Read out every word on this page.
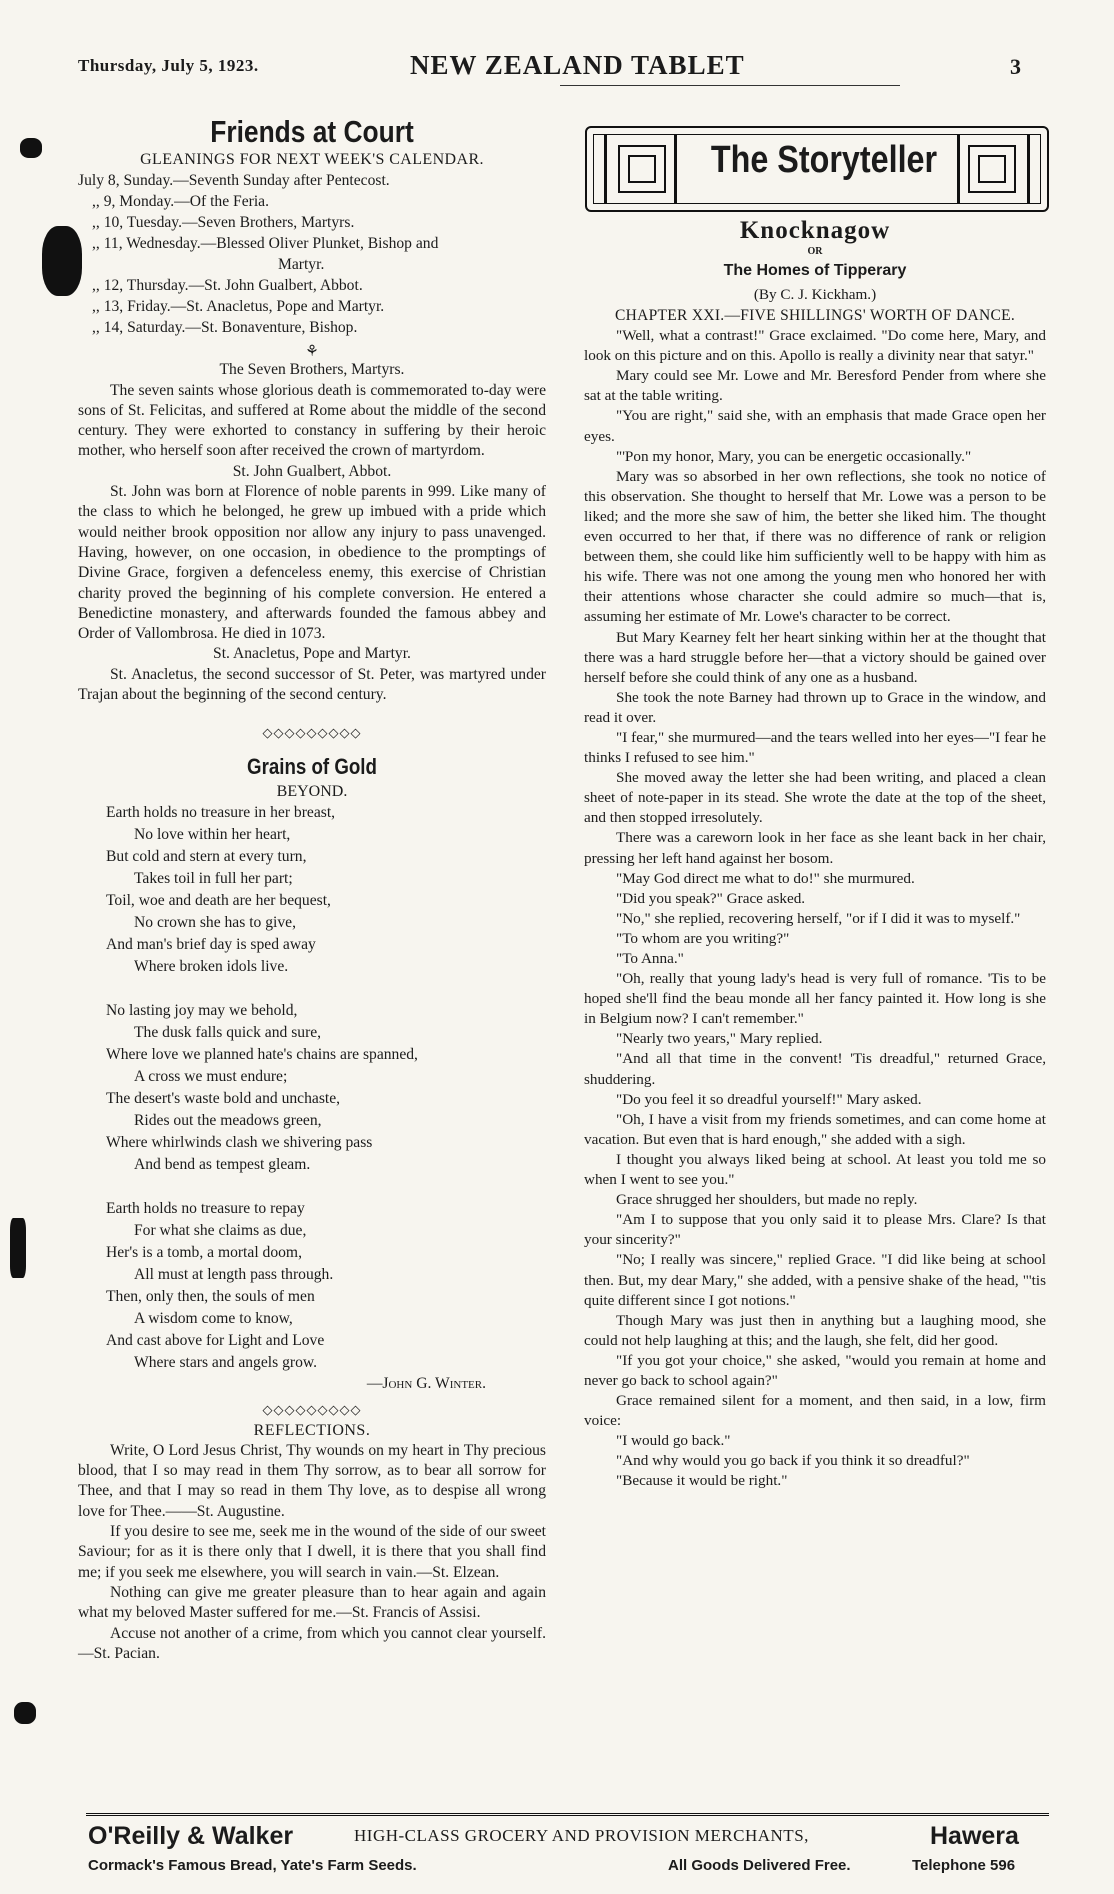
Thursday, July 5, 1923.	NEW ZEALAND TABLET	3
Friends at Court
GLEANINGS FOR NEXT WEEK'S CALENDAR.
July 8, Sunday.—Seventh Sunday after Pentecost.
,, 9, Monday.—Of the Feria.
,, 10, Tuesday.—Seven Brothers, Martyrs.
,, 11, Wednesday.—Blessed Oliver Plunket, Bishop and
Martyr.
,, 12, Thursday.—St. John Gualbert, Abbot.
,, 13, Friday.—St. Anacletus, Pope and Martyr.
,, 14, Saturday.—St. Bonaventure, Bishop.
⚘
The Seven Brothers, Martyrs.

The seven saints whose glorious death is commemorated to-day were sons of St. Felicitas, and suffered at Rome about the middle of the second century. They were exhorted to constancy in suffering by their heroic mother, who herself soon after received the crown of martyrdom.

St. John Gualbert, Abbot.

St. John was born at Florence of noble parents in 999. Like many of the class to which he belonged, he grew up imbued with a pride which would neither brook opposition nor allow any injury to pass unavenged. Having, however, on one occasion, in obedience to the promptings of Divine Grace, forgiven a defenceless enemy, this exercise of Christian charity proved the beginning of his complete conversion. He entered a Benedictine monastery, and afterwards founded the famous abbey and Order of Vallombrosa. He died in 1073.

St. Anacletus, Pope and Martyr.

St. Anacletus, the second successor of St. Peter, was martyred under Trajan about the beginning of the second century.

◇◇◇◇◇◇◇◇◇
Grains of Gold
BEYOND.
Earth holds no treasure in her breast,
No love within her heart,
But cold and stern at every turn,
Takes toil in full her part;
Toil, woe and death are her bequest,
No crown she has to give,
And man's brief day is sped away
Where broken idols live.
No lasting joy may we behold,
The dusk falls quick and sure,
Where love we planned hate's chains are spanned,
A cross we must endure;
The desert's waste bold and unchaste,
Rides out the meadows green,
Where whirlwinds clash we shivering pass
And bend as tempest gleam.
Earth holds no treasure to repay
For what she claims as due,
Her's is a tomb, a mortal doom,
All must at length pass through.
Then, only then, the souls of men
A wisdom come to know,
And cast above for Light and Love
Where stars and angels grow.
—John G. Winter.
◇◇◇◇◇◇◇◇◇
REFLECTIONS.

Write, O Lord Jesus Christ, Thy wounds on my heart in Thy precious blood, that I so may read in them Thy sorrow, as to bear all sorrow for Thee, and that I may so read in them Thy love, as to despise all wrong love for Thee.——St. Augustine.

If you desire to see me, seek me in the wound of the side of our sweet Saviour; for as it is there only that I dwell, it is there that you shall find me; if you seek me elsewhere, you will search in vain.—St. Elzean.

Nothing can give me greater pleasure than to hear again and again what my beloved Master suffered for me.—St. Francis of Assisi.

Accuse not another of a crime, from which you cannot clear yourself.—St. Pacian.

The Storyteller
Knocknagow
OR
The Homes of Tipperary
(By C. J. Kickham.)
CHAPTER XXI.—FIVE SHILLINGS' WORTH OF DANCE.

"Well, what a contrast!" Grace exclaimed. "Do come here, Mary, and look on this picture and on this. Apollo is really a divinity near that satyr."

Mary could see Mr. Lowe and Mr. Beresford Pender from where she sat at the table writing.

"You are right," said she, with an emphasis that made Grace open her eyes.

"'Pon my honor, Mary, you can be energetic occasionally."

Mary was so absorbed in her own reflections, she took no notice of this observation. She thought to herself that Mr. Lowe was a person to be liked; and the more she saw of him, the better she liked him. The thought even occurred to her that, if there was no difference of rank or religion between them, she could like him sufficiently well to be happy with him as his wife. There was not one among the young men who honored her with their attentions whose character she could admire so much—that is, assuming her estimate of Mr. Lowe's character to be correct.

But Mary Kearney felt her heart sinking within her at the thought that there was a hard struggle before her—that a victory should be gained over herself before she could think of any one as a husband.

She took the note Barney had thrown up to Grace in the window, and read it over.

"I fear," she murmured—and the tears welled into her eyes—"I fear he thinks I refused to see him."

She moved away the letter she had been writing, and placed a clean sheet of note-paper in its stead. She wrote the date at the top of the sheet, and then stopped irresolutely.

There was a careworn look in her face as she leant back in her chair, pressing her left hand against her bosom.

"May God direct me what to do!" she murmured.

"Did you speak?" Grace asked.

"No," she replied, recovering herself, "or if I did it was to myself."

"To whom are you writing?"

"To Anna."

"Oh, really that young lady's head is very full of romance. 'Tis to be hoped she'll find the beau monde all her fancy painted it. How long is she in Belgium now? I can't remember."

"Nearly two years," Mary replied.

"And all that time in the convent! 'Tis dreadful," returned Grace, shuddering.

"Do you feel it so dreadful yourself!" Mary asked.

"Oh, I have a visit from my friends sometimes, and can come home at vacation. But even that is hard enough," she added with a sigh.

I thought you always liked being at school. At least you told me so when I went to see you."

Grace shrugged her shoulders, but made no reply.

"Am I to suppose that you only said it to please Mrs. Clare? Is that your sincerity?"

"No; I really was sincere," replied Grace. "I did like being at school then. But, my dear Mary," she added, with a pensive shake of the head, "'tis quite different since I got notions."

Though Mary was just then in anything but a laughing mood, she could not help laughing at this; and the laugh, she felt, did her good.

"If you got your choice," she asked, "would you remain at home and never go back to school again?"

Grace remained silent for a moment, and then said, in a low, firm voice:

"I would go back."

"And why would you go back if you think it so dreadful?"

"Because it would be right."

O'Reilly & Walker	HIGH-CLASS GROCERY AND PROVISION MERCHANTS,	Hawera
Cormack's Famous Bread, Yate's Farm Seeds.	All Goods Delivered Free.	Telephone 596
